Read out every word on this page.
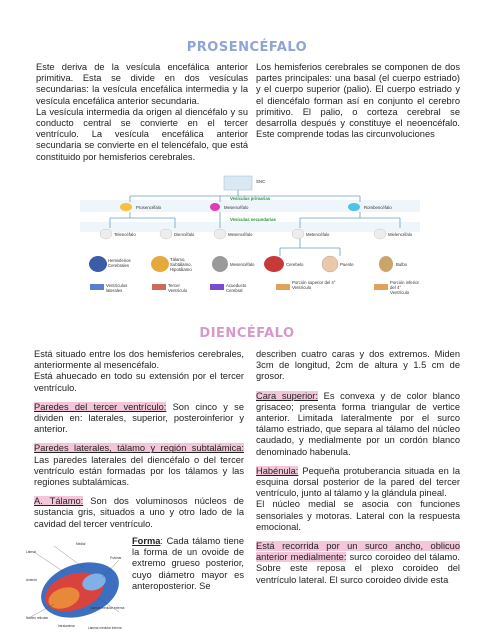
PROSENCÉFALO

Este deriva de la vesícula encefálica anterior primitiva. Esta se divide en dos vesículas secundarias: la vesícula encefálica intermedia y la vesícula encefálica anterior secundaria.

La vesícula intermedia da origen al diencéfalo y su conducto central se convierte en el tercer ventrículo. La vesícula encefálica anterior secundaria se convierte en el telencéfalo, que está constituido por hemisferios cerebrales.

Los hemisferios cerebrales se componen de dos partes principales: una basal (el cuerpo estriado) y el cuerpo superior (palio). El cuerpo estriado y el diencéfalo forman así en conjunto el cerebro primitivo. El palio, o corteza cerebral se desarrolla después y constituye el neoencéfalo. Este comprende todas las circunvoluciones

SNC
Vesículas primarias
Vesículas secundarias
Prosencéfalo	Mesencéfalo	Rombencéfalo
Telencéfalo	Diencéfalo	Mesencéfalo	Metencéfalo	Mielencéfalo
Hemisferios Cerebrales
Tálamo, Subtálamo, Hipotálamo
Mesencéfalo	Cerebelo	Puente	Bulbo
Ventrículos laterales
Tercer Ventrículo
Acueducto Cerebral
Porción superior del 4° Ventrículo
Porción inferior del 4° Ventrículo
DIENCÉFALO

Está situado entre los dos hemisferios cerebrales, anteriormente al mesencéfalo.

Está ahuecado en todo su extensión por el tercer ventrículo.

Paredes del tercer ventrículo: Son cinco y se dividen en: laterales, superior, posteroinferior y anterior.

Paredes laterales, tálamo y región subtalámica: Las paredes laterales del diencéfalo o del tercer ventrículo están formadas por los tálamos y las regiones subtalámicas.

A. Tálamo: Son dos voluminosos núcleos de sustancia gris, situados a uno y otro lado de la cavidad del tercer ventrículo.

Forma: Cada tálamo tiene la forma de un ovoide de extremo grueso posterior, cuyo diámetro mayor es anteroposterior. Se
Medial
Lateral
Pulvinar
Anterior
Lámina medular externa
Núcleo reticular
Intralaminar	Lámina medular interna

describen cuatro caras y dos extremos. Miden 3cm de longitud, 2cm de altura y 1.5 cm de grosor.

Cara superior: Es convexa y de color blanco grisaceo; presenta forma triangular de vertice anterior. Limitada lateralmente por el surco tálamo estriado, que separa al tálamo del núcleo caudado, y medialmente por un cordón blanco denominado habenula.

Habénula: Pequeña protuberancia situada en la esquina dorsal posterior de la pared del tercer ventrículo, junto al tálamo y la glándula pineal.

El núcleo medial se asocia con funciones sensoriales y motoras. Lateral con la respuesta emocional.

Está recorrida por un surco ancho, oblicuo anterior medialmente: surco coroideo del tálamo. Sobre este reposa el plexo coroideo del ventrículo lateral. El surco coroideo divide esta
